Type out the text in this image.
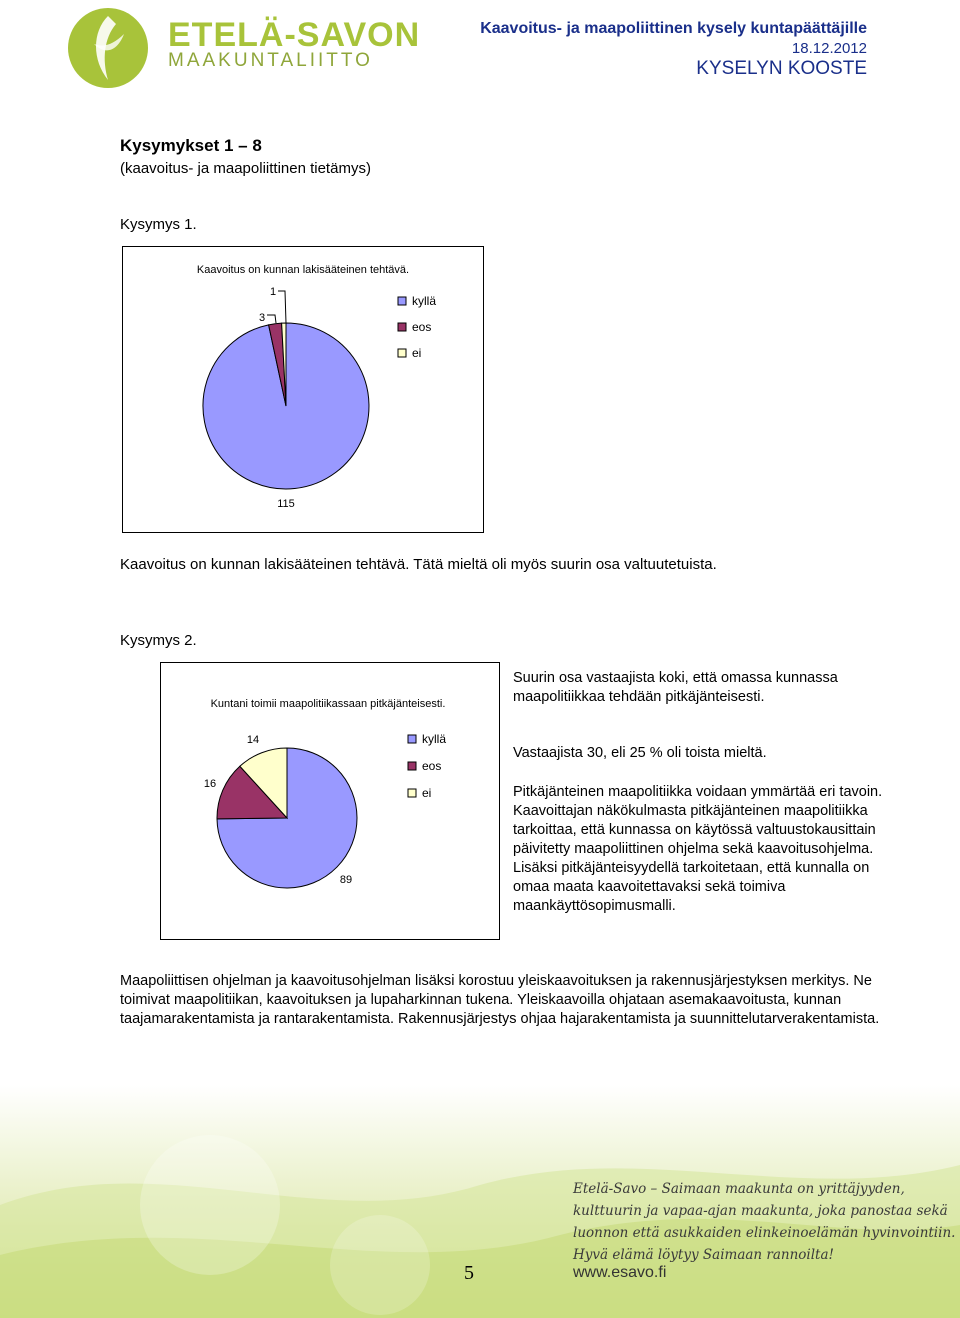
ETELÄ-SAVON
MAAKUNTALIITTO
Kaavoitus- ja maapoliittinen kysely kuntapäättäjille
18.12.2012
KYSELYN KOOSTE
Kysymykset 1 – 8
(kaavoitus- ja maapoliittinen tietämys)
Kysymys 1.
Kaavoitus on kunnan lakisääteinen tehtävä.
115
3
1
kyllä
eos
ei
Kaavoitus on kunnan lakisääteinen tehtävä. Tätä mieltä oli myös suurin osa valtuutetuista.
Kysymys 2.
Kuntani toimii maapolitiikassaan pitkäjänteisesti.
89
16
14	kyllä
eos
ei
Suurin osa vastaajista koki, että omassa kunnassa maapolitiikkaa tehdään pitkäjänteisesti.
Vastaajista 30, eli 25 % oli toista mieltä.
Pitkäjänteinen maapolitiikka voidaan ymmärtää eri tavoin. Kaavoittajan näkökulmasta pitkäjänteinen maapolitiikka tarkoittaa, että kunnassa on käytössä valtuustokausittain päivitetty maapoliittinen ohjelma sekä kaavoitusohjelma. Lisäksi pitkäjänteisyydellä tarkoitetaan, että kunnalla on omaa maata kaavoitettavaksi sekä toimiva maankäyttösopimusmalli.
Maapoliittisen ohjelman ja kaavoitusohjelman lisäksi korostuu yleiskaavoituksen ja rakennusjärjestyksen merkitys. Ne toimivat maapolitiikan, kaavoituksen ja lupaharkinnan tukena. Yleiskaavoilla ohjataan asemakaavoitusta, kunnan taajamarakentamista ja rantarakentamista. Rakennusjärjestys ohjaa hajarakentamista ja suunnittelutarverakentamista.
Etelä-Savo – Saimaan maakunta on yrittäjyyden, kulttuurin ja vapaa-ajan maakunta, joka panostaa sekä luonnon että asukkaiden elinkeinoelämän hyvinvointiin. Hyvä elämä löytyy Saimaan rannoilta!
5	www.esavo.fi
